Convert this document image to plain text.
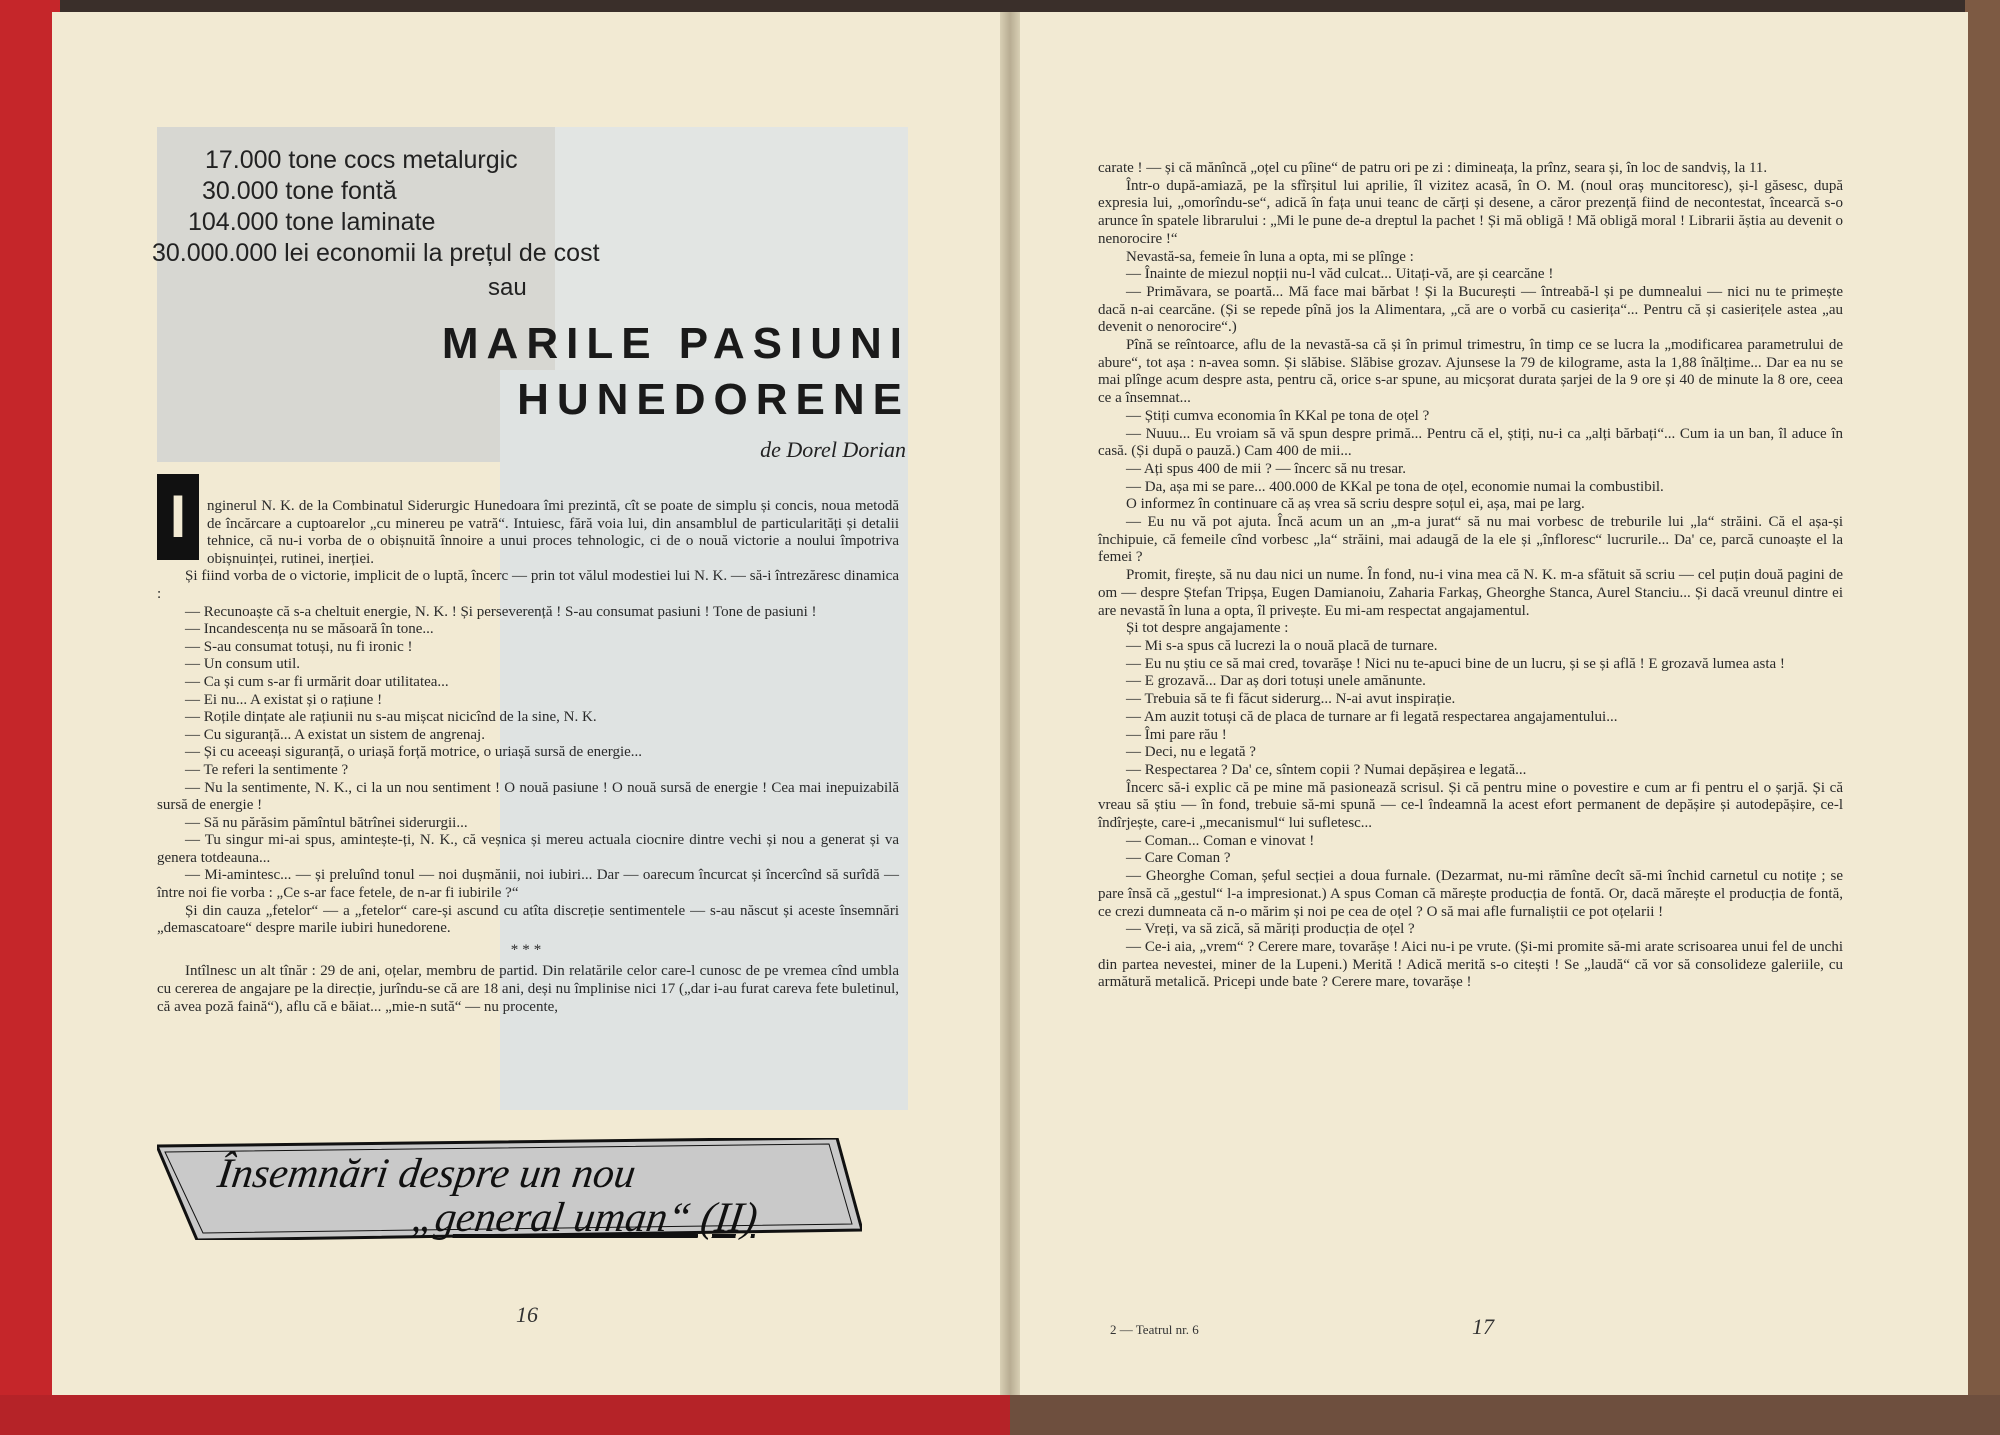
17.000 tone cocs metalurgic
30.000 tone fontă
104.000 tone laminate
30.000.000 lei economii la prețul de cost
sau
MARILE PASIUNI
HUNEDORENE
de Dorel Dorian
I	nginerul N. K. de la Combinatul Siderurgic Hunedoara îmi prezintă, cît se poate de simplu și concis, noua metodă de încărcare a cuptoarelor „cu minereu pe vatră“. Intuiesc, fără voia lui, din ansamblul de particularități și detalii tehnice, că nu-i vorba de o obișnuită înnoire a unui proces tehnologic, ci de o nouă victorie a noului împotriva obișnuinței, rutinei, inerției.

Și fiind vorba de o victorie, implicit de o luptă, încerc — prin tot vălul modestiei lui N. K. — să-i întrezăresc dinamica :

— Recunoaște că s-a cheltuit energie, N. K. ! Și perseverență ! S-au consumat pasiuni ! Tone de pasiuni !

— Incandescența nu se măsoară în tone...

— S-au consumat totuși, nu fi ironic !

— Un consum util.

— Ca și cum s-ar fi urmărit doar utilitatea...

— Ei nu... A existat și o rațiune !

— Roțile dințate ale rațiunii nu s-au mișcat nicicînd de la sine, N. K.

— Cu siguranță... A existat un sistem de angrenaj.

— Și cu aceeași siguranță, o uriașă forță motrice, o uriașă sursă de energie...

— Te referi la sentimente ?

— Nu la sentimente, N. K., ci la un nou sentiment ! O nouă pasiune ! O nouă sursă de energie ! Cea mai inepuizabilă sursă de energie !

— Să nu părăsim pămîntul bătrînei siderurgii...

— Tu singur mi-ai spus, amintește-ți, N. K., că veșnica și mereu actuala ciocnire dintre vechi și nou a generat și va genera totdeauna...

— Mi-amintesc... — și preluînd tonul — noi dușmănii, noi iubiri... Dar — oarecum încurcat și încercînd să surîdă — între noi fie vorba : „Ce s-ar face fetele, de n-ar fi iubirile ?“

Și din cauza „fetelor“ — a „fetelor“ care-și ascund cu atîta discreție sentimentele — s-au născut și aceste însemnări „demascatoare“ despre marile iubiri hunedorene.

***

Intîlnesc un alt tînăr : 29 de ani, oțelar, membru de partid. Din relatările celor care-l cunosc de pe vremea cînd umbla cu cererea de angajare pe la direcție, jurîndu-se că are 18 ani, deși nu împlinise nici 17 („dar i-au furat careva fete buletinul, că avea poză faină“), aflu că e băiat... „mie-n sută“ — nu procente,

Însemnări despre un nou
„general uman“ (II)
16

carate ! — și că mănîncă „oțel cu pîine“ de patru ori pe zi : dimineața, la prînz, seara și, în loc de sandviș, la 11.

Într-o după-amiază, pe la sfîrșitul lui aprilie, îl vizitez acasă, în O. M. (noul oraș muncitoresc), și-l găsesc, după expresia lui, „omorîndu-se“, adică în fața unui teanc de cărți și desene, a căror prezență fiind de necontestat, încearcă s-o arunce în spatele librarului : „Mi le pune de-a dreptul la pachet ! Și mă obligă ! Mă obligă moral ! Librarii ăștia au devenit o nenorocire !“

Nevastă-sa, femeie în luna a opta, mi se plînge :

— Înainte de miezul nopții nu-l văd culcat... Uitați-vă, are și cearcăne !

— Primăvara, se poartă... Mă face mai bărbat ! Și la București — întreabă-l și pe dumnealui — nici nu te primește dacă n-ai cearcăne. (Și se repede pînă jos la Alimentara, „că are o vorbă cu casierița“... Pentru că și casierițele astea „au devenit o nenorocire“.)

Pînă se reîntoarce, aflu de la nevastă-sa că și în primul trimestru, în timp ce se lucra la „modificarea parametrului de abure“, tot așa : n-avea somn. Și slăbise. Slăbise grozav. Ajunsese la 79 de kilograme, asta la 1,88 înălțime... Dar ea nu se mai plînge acum despre asta, pentru că, orice s-ar spune, au micșorat durata șarjei de la 9 ore și 40 de minute la 8 ore, ceea ce a însemnat...

— Știți cumva economia în KKal pe tona de oțel ?

— Nuuu... Eu vroiam să vă spun despre primă... Pentru că el, știți, nu-i ca „alți bărbați“... Cum ia un ban, îl aduce în casă. (Și după o pauză.) Cam 400 de mii...

— Ați spus 400 de mii ? — încerc să nu tresar.

— Da, așa mi se pare... 400.000 de KKal pe tona de oțel, economie numai la combustibil.

O informez în continuare că aș vrea să scriu despre soțul ei, așa, mai pe larg.

— Eu nu vă pot ajuta. Încă acum un an „m-a jurat“ să nu mai vorbesc de treburile lui „la“ străini. Că el așa-și închipuie, că femeile cînd vorbesc „la“ străini, mai adaugă de la ele și „înfloresc“ lucrurile... Da' ce, parcă cunoaște el la femei ?

Promit, firește, să nu dau nici un nume. În fond, nu-i vina mea că N. K. m-a sfătuit să scriu — cel puțin două pagini de om — despre Ștefan Tripșa, Eugen Damianoiu, Zaharia Farkaș, Gheorghe Stanca, Aurel Stanciu... Și dacă vreunul dintre ei are nevastă în luna a opta, îl privește. Eu mi-am respectat angajamentul.

Și tot despre angajamente :

— Mi s-a spus că lucrezi la o nouă placă de turnare.

— Eu nu știu ce să mai cred, tovarășe ! Nici nu te-apuci bine de un lucru, și se și află ! E grozavă lumea asta !

— E grozavă... Dar aș dori totuși unele amănunte.

— Trebuia să te fi făcut siderurg... N-ai avut inspirație.

— Am auzit totuși că de placa de turnare ar fi legată respectarea angajamentului...

— Îmi pare rău !

— Deci, nu e legată ?

— Respectarea ? Da' ce, sîntem copii ? Numai depășirea e legată...

Încerc să-i explic că pe mine mă pasionează scrisul. Și că pentru mine o povestire e cum ar fi pentru el o șarjă. Și că vreau să știu — în fond, trebuie să-mi spună — ce-l îndeamnă la acest efort permanent de depășire și autodepășire, ce-l îndîrjește, care-i „mecanismul“ lui sufletesc...

— Coman... Coman e vinovat !

— Care Coman ?

— Gheorghe Coman, șeful secției a doua furnale. (Dezarmat, nu-mi rămîne decît să-mi închid carnetul cu notițe ; se pare însă că „gestul“ l-a impresionat.) A spus Coman că mărește producția de fontă. Or, dacă mărește el producția de fontă, ce crezi dumneata că n-o mărim și noi pe cea de oțel ? O să mai afle furnaliștii ce pot oțelarii !

— Vreți, va să zică, să măriți producția de oțel ?

— Ce-i aia, „vrem“ ? Cerere mare, tovarășe ! Aici nu-i pe vrute. (Și-mi promite să-mi arate scrisoarea unui fel de unchi din partea nevestei, miner de la Lupeni.) Merită ! Adică merită s-o citești ! Se „laudă“ că vor să consolideze galeriile, cu armătură metalică. Pricepi unde bate ? Cerere mare, tovarășe !

2 — Teatrul nr. 6	17
